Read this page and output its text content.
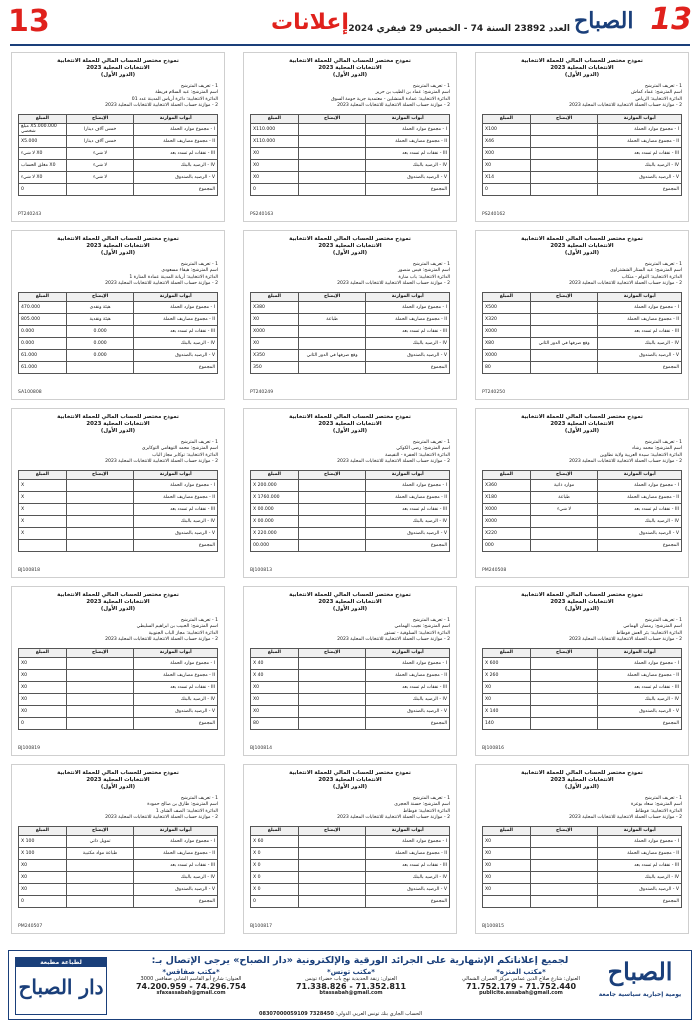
13	إعلانات العدد 23892 السنة 74 - الخميس 29 فيفري 2024	13
الصباح
نموذج مختصر للحساب المالي للحملة الانتخابية
الانتخابات المحلية 2023
(الدور الأول)
1 - تعريف المترشح
اسم المترشح: عماد كماش
الدائرة الانتخابية: الرياض
2 - موازنة حساب الحملة الانتخابية للانتخابات المحلية 2023
أبواب الموازنة	الإيضاح	المبلغ
I - مجموع موارد الحملة		X100
II - مجموع مصاريف الحملة		X46
III - نفقات لم تسدد بعد		X00
IV - الرصيد بالبنك		X0
V - الرصيد بالصندوق		X14
المجموع		0
PS240162
نموذج مختصر للحساب المالي للحملة الانتخابية
الانتخابات المحلية 2023
(الدور الأول)
1 - تعريف المترشح
اسم المترشح: عماد بن الطيب بن حريز
الدائرة الانتخابية: عمادة المنشلين - معتمدية جربة حومة السوق
2 - موازنة حساب الحملة الانتخابية للانتخابات المحلية 2023
أبواب الموازنة	الإيضاح	المبلغ
I - مجموع موارد الحملة		X110.000
II - مجموع مصاريف الحملة		X110.000
III - نفقات لم تسدد بعد		X0
IV - الرصيد بالبنك		X0
V - الرصيد بالصندوق		X0
المجموع		0
PS240163
نموذج مختصر للحساب المالي للحملة الانتخابية
الانتخابات المحلية 2023
(الدور الأول)
1 - تعريف المترشح
اسم المترشح: عبد السلام فريطة
الدائرة الانتخابية: دائرة أرياس المدينة عدد 01
2 - موازنة حساب الحملة الانتخابية للانتخابات المحلية 2023
أبواب الموازنة	الإيضاح	المبلغ
I - مجموع موارد الحملة	خمس آلاف دينارا	X5.000.000 مبلغ شخصي
II - مجموع مصاريف الحملة	خمس آلاف دينارا	X5.000
III - نفقات لم تسدد بعد	لا شيء	X0 لا شيء
IV - الرصيد بالبنك	لا شيء	X0 مغلق الحساب
V - الرصيد بالصندوق	لا شيء	X0 لا شيء
المجموع		0
PT240243
نموذج مختصر للحساب المالي للحملة الانتخابية
الانتخابات المحلية 2023
(الدور الأول)
1 - تعريف المترشح
اسم المترشح: عبد الستار الششتراوي
الدائرة الانتخابية: النوام - منكاب
2 - موازنة حساب الحملة الانتخابية للانتخابات المحلية 2023
أبواب الموازنة	الإيضاح	المبلغ
I - مجموع موارد الحملة		X500
II - مجموع مصاريف الحملة		X320
III - نفقات لم تسدد بعد		X000
IV - الرصيد بالبنك	وقع صرفها في الدور الثاني	X80
V - الرصيد بالصندوق		X000
المجموع		80
PT240250
نموذج مختصر للحساب المالي للحملة الانتخابية
الانتخابات المحلية 2023
(الدور الأول)
1 - تعريف المترشح
اسم المترشح: قيس منصور
الدائرة الانتخابية: باب منارة
2 - موازنة حساب الحملة الانتخابية للانتخابات المحلية 2023
أبواب الموازنة	الإيضاح	المبلغ
I - مجموع موارد الحملة		X380
II - مجموع مصاريف الحملة	طباعة	X0
III - نفقات لم تسدد بعد		X000
IV - الرصيد بالبنك		X0
V - الرصيد بالصندوق	وقع صرفها في الدور الثاني	X350
المجموع		350
PT240249
نموذج مختصر للحساب المالي للحملة الانتخابية
الانتخابات المحلية 2023
(الدور الأول)
1 - تعريف المترشح
اسم المترشح: هيفاء مسعودي
الدائرة الانتخابية: أريانة المدينة عمادة المنارة 1
2 - موازنة حساب الحملة الانتخابية للانتخابات المحلية 2023
أبواب الموازنة	الإيضاح	المبلغ
I - مجموع موارد الحملة	هيئة ونقدي	470.000
II - مجموع مصاريف الحملة	هيئة ونقدية	805.000
III - نفقات لم تسدد بعد	0.000	0.000
IV - الرصيد بالبنك	0.000	0.000
V - الرصيد بالصندوق	0.000	61.000
المجموع		61.000
SA100808
نموذج مختصر للحساب المالي للحملة الانتخابية
الانتخابات المحلية 2023
(الدور الأول)
1 - تعريف المترشح
اسم المترشح: محمد رشاد
الدائرة الانتخابية: سيدة العربية ولاية نطاوين
2 - موازنة حساب الحملة الانتخابية للانتخابات المحلية 2023
أبواب الموازنة	الإيضاح	المبلغ
I - مجموع موارد الحملة	موارد ذاتية	X360
II - مجموع مصاريف الحملة	طباعة	X180
III - نفقات لم تسدد بعد	لا شيء	X000
IV - الرصيد بالبنك		X000
V - الرصيد بالصندوق		X220
المجموع		000
PM240508
نموذج مختصر للحساب المالي للحملة الانتخابية
الانتخابات المحلية 2023
(الدور الأول)
1 - تعريف المترشح
اسم المترشح: رضى الكوكي
الدائرة الانتخابية: الحفرة - النفيضة
2 - موازنة حساب الحملة الانتخابية للانتخابات المحلية 2023
أبواب الموازنة	الإيضاح	المبلغ
I - مجموع موارد الحملة		200.000 X
II - مجموع مصاريف الحملة		1760.000 X
III - نفقات لم تسدد بعد		00.000 X
IV - الرصيد بالبنك		00.000 X
V - الرصيد بالصندوق		220.000 X
المجموع		00.000
BJ100813
نموذج مختصر للحساب المالي للحملة الانتخابية
الانتخابات المحلية 2023
(الدور الأول)
1 - تعريف المترشح
اسم المترشح: محمد التوهامي التوكابري
الدائرة الانتخابية: توكابر مجاز الباب
2 - موازنة حساب الحملة الانتخابية للانتخابات المحلية 2023
أبواب الموازنة	الإيضاح	المبلغ
I - مجموع موارد الحملة		X
II - مجموع مصاريف الحملة		X
III - نفقات لم تسدد بعد		X
IV - الرصيد بالبنك		X
V - الرصيد بالصندوق		X
المجموع		
BJ100818
نموذج مختصر للحساب المالي للحملة الانتخابية
الانتخابات المحلية 2023
(الدور الأول)
1 - تعريف المترشح
اسم المترشح: رمضان الهمامي
الدائرة الانتخابية: بئر العش قوطاط
2 - موازنة حساب الحملة الانتخابية للانتخابات المحلية 2023
أبواب الموازنة	الإيضاح	المبلغ
I - مجموع موارد الحملة		X 600
II - مجموع مصاريف الحملة		X 260
III - نفقات لم تسدد بعد		X0
IV - الرصيد بالبنك		X0
V - الرصيد بالصندوق		X 140
المجموع		140
BJ100816
نموذج مختصر للحساب المالي للحملة الانتخابية
الانتخابات المحلية 2023
(الدور الأول)
1 - تعريف المترشح
اسم المترشح: نجيب الهمامي
الدائرة الانتخابية: السلوقية - تستور
2 - موازنة حساب الحملة الانتخابية للانتخابات المحلية 2023
أبواب الموازنة	الإيضاح	المبلغ
I - مجموع موارد الحملة		X 40
II - مجموع مصاريف الحملة		X 40
III - نفقات لم تسدد بعد		X0
IV - الرصيد بالبنك		X0
V - الرصيد بالصندوق		X0
المجموع		80
BJ100814
نموذج مختصر للحساب المالي للحملة الانتخابية
الانتخابات المحلية 2023
(الدور الأول)
1 - تعريف المترشح
اسم المترشح: الحبيب بن ابراهيم السليطي
الدائرة الانتخابية: مجاز الباب الجنوبية
2 - موازنة حساب الحملة الانتخابية للانتخابات المحلية 2023
أبواب الموازنة	الإيضاح	المبلغ
I - مجموع موارد الحملة		X0
II - مجموع مصاريف الحملة		X0
III - نفقات لم تسدد بعد		X0
IV - الرصيد بالبنك		X0
V - الرصيد بالصندوق		X0
المجموع		0
BJ100819
نموذج مختصر للحساب المالي للحملة الانتخابية
الانتخابات المحلية 2023
(الدور الأول)
1 - تعريف المترشح
اسم المترشح: سعاد بوعزة
الدائرة الانتخابية: قوطاط
2 - موازنة حساب الحملة الانتخابية للانتخابات المحلية 2023
أبواب الموازنة	الإيضاح	المبلغ
I - مجموع موارد الحملة		X0
II - مجموع مصاريف الحملة		X0
III - نفقات لم تسدد بعد		X0
IV - الرصيد بالبنك		X0
V - الرصيد بالصندوق		X0
المجموع		
BJ100815
نموذج مختصر للحساب المالي للحملة الانتخابية
الانتخابات المحلية 2023
(الدور الأول)
1 - تعريف المترشح
اسم المترشح: حسنة الحجري
الدائرة الانتخابية: قوطاط
2 - موازنة حساب الحملة الانتخابية للانتخابات المحلية 2023
أبواب الموازنة	الإيضاح	المبلغ
I - مجموع موارد الحملة		X 60
II - مجموع مصاريف الحملة		X 0
III - نفقات لم تسدد بعد		X 0
IV - الرصيد بالبنك		X 0
V - الرصيد بالصندوق		X 0
المجموع		0
BJ100817
نموذج مختصر للحساب المالي للحملة الانتخابية
الانتخابات المحلية 2023
(الدور الأول)
1 - تعريف المترشح
اسم المترشح: طارق بن صالح حمودة
الدائرة الانتخابية: الصف الشاي 1
2 - موازنة حساب الحملة الانتخابية للانتخابات المحلية 2023
أبواب الموازنة	الإيضاح	المبلغ
I - مجموع موارد الحملة	تمويل ذاتي	X 100
II - مجموع مصاريف الحملة	طباعة مواد مكتبية	X 100
III - نفقات لم تسدد بعد		X0
IV - الرصيد بالبنك		X0
V - الرصيد بالصندوق		X0
المجموع		0
PM240507
لجميع إعلاناتكم الإشهارية على الجرائد الورقية والإلكترونية «دار الصباح» يرجى الإتصال بـ:	الصباح
يومية إخبارية سياسية جامعة
*مكتب المنزه*
العنوان: شارع صلاح الدين عمامي مركز العمران الشمالي
71.752.179 - 71.752.440
publicite.assabah@gmail.com
*مكتب تونس*
العنوان: زنقة الحديدية نهج باب خضراء تونس
71.338.826 - 71.352.811
btassabah@gmail.com
*مكتب صفاقس*
العنوان: شارع أبو القاسم الشابي صفاقس 3000
74.200.959 - 74.296.754
sfaxassabah@gmail.com
الحساب الجاري بنك تونس العربي الدولي: 08307000059109 7328450
لطباعة مطبعة
دار الصباح
